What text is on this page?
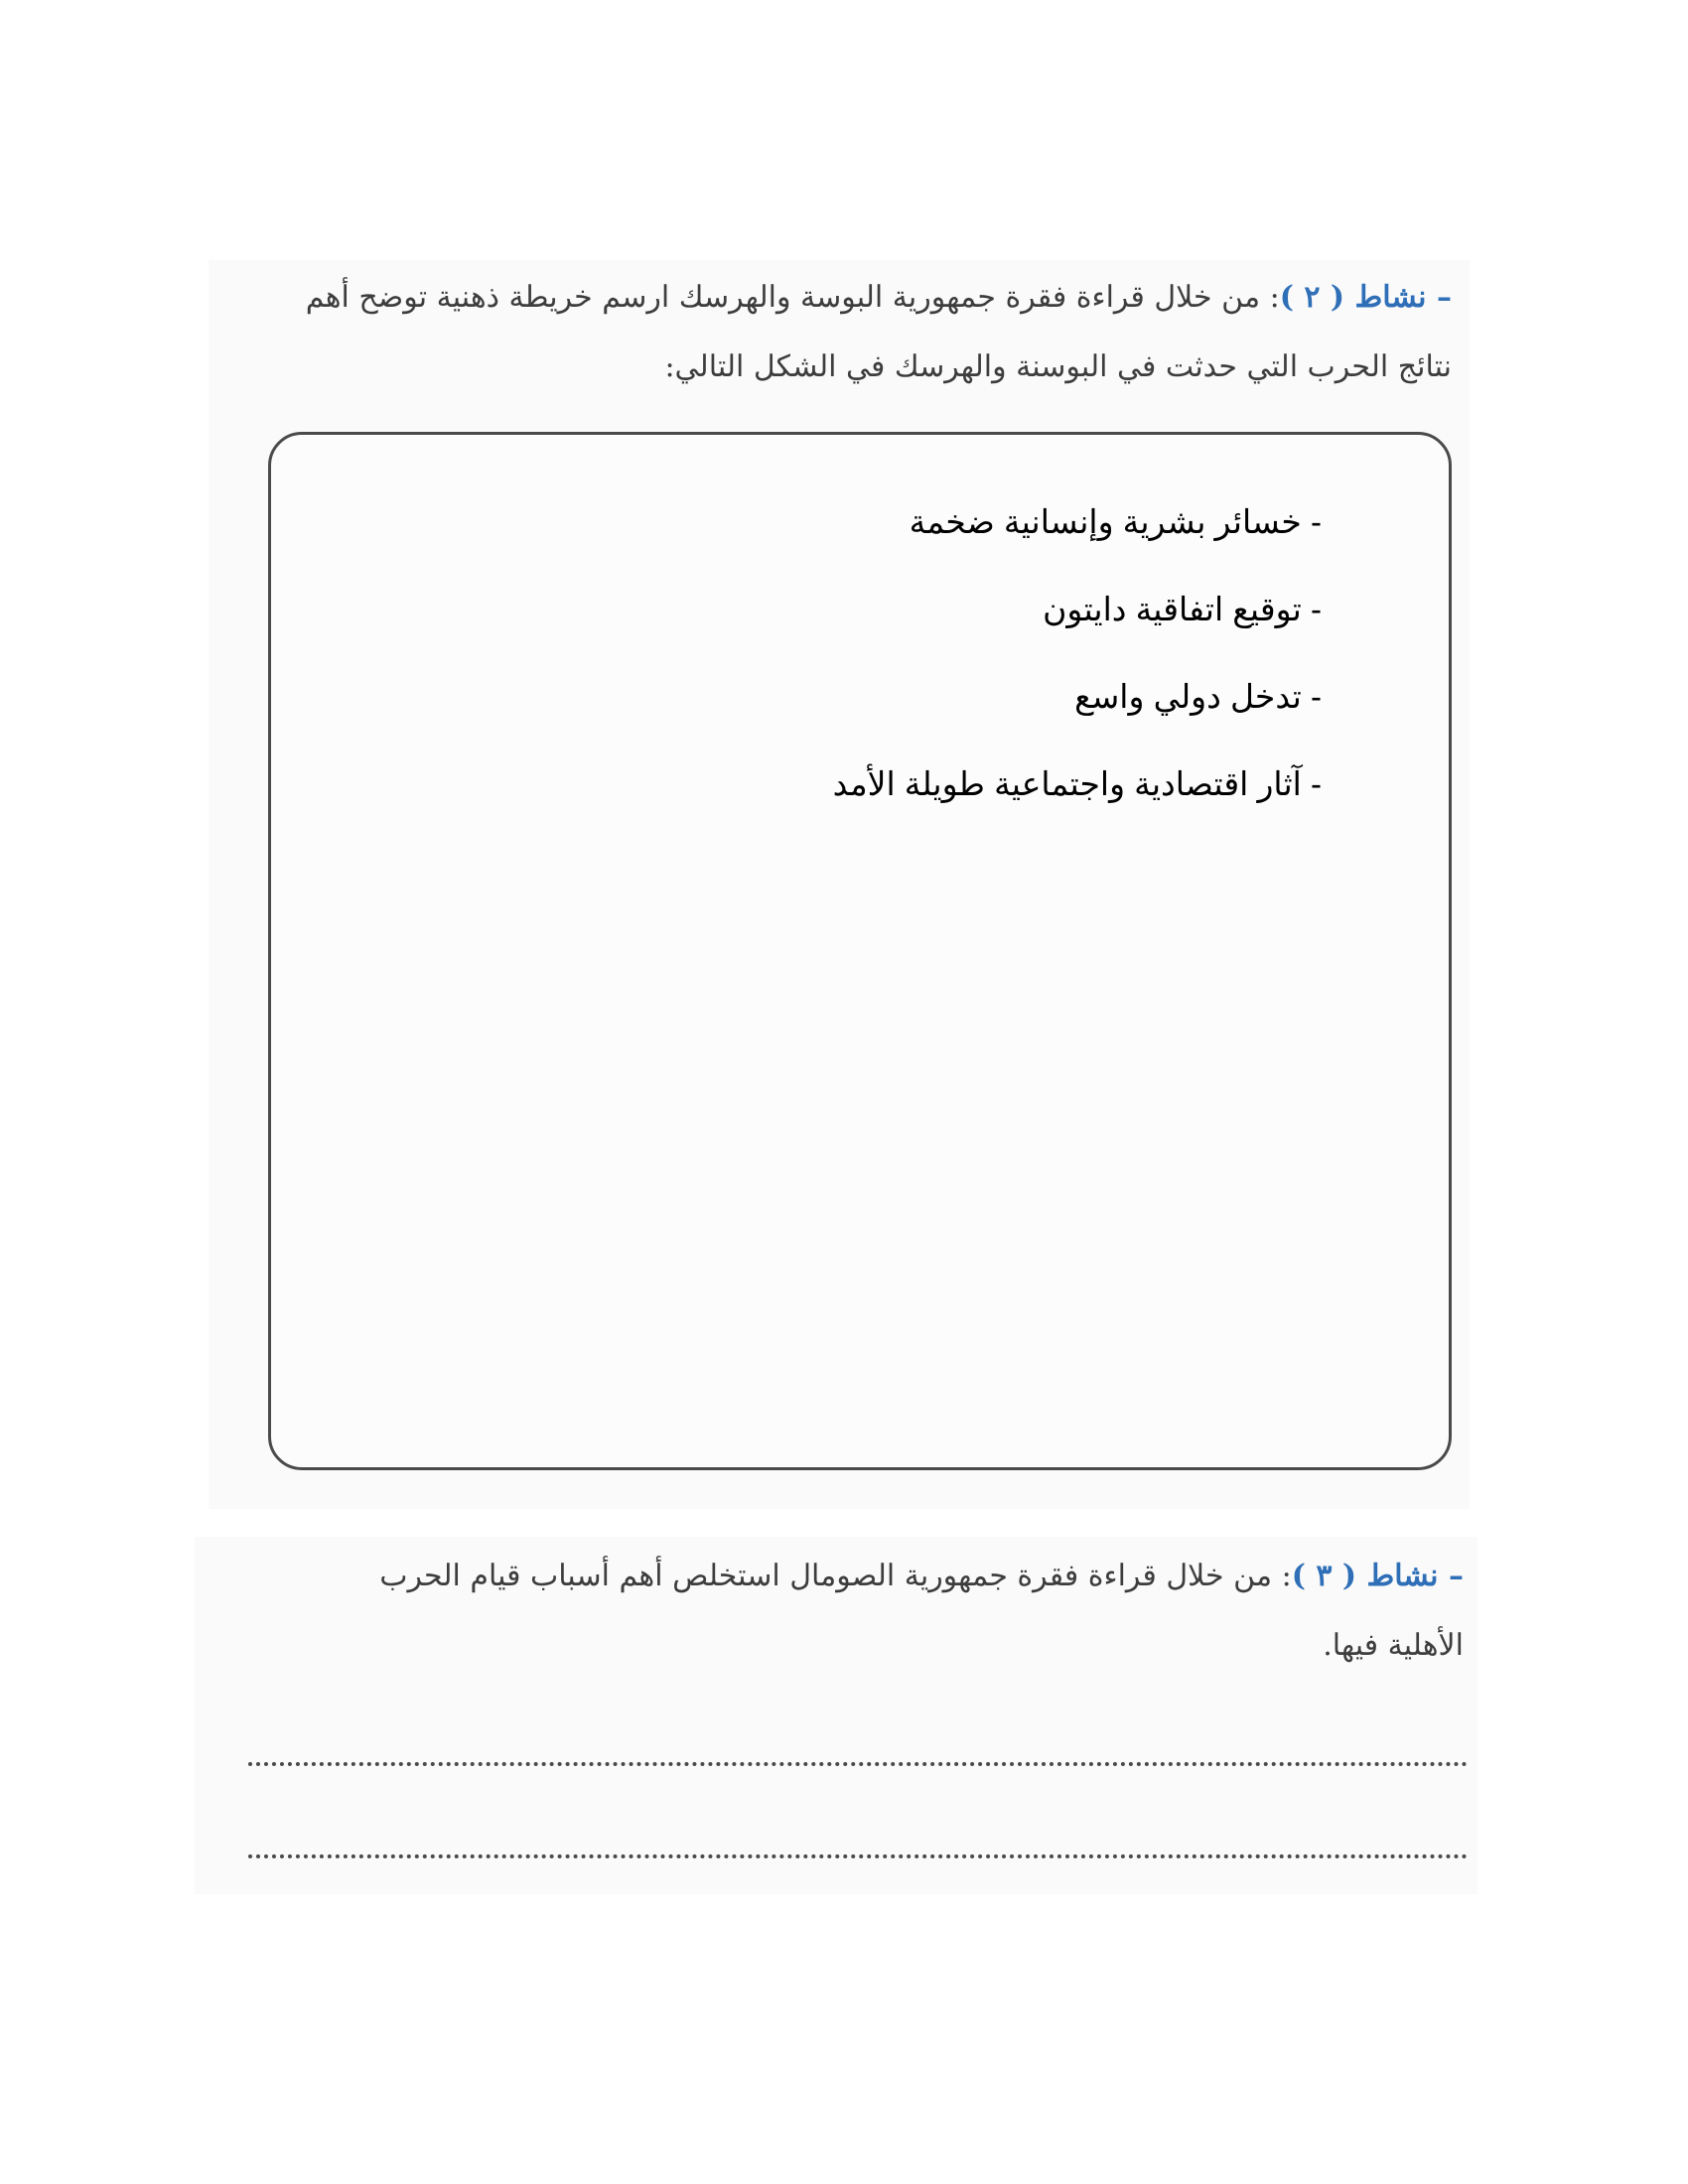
– نشاط ( ٢ ): من خلال قراءة فقرة جمهورية البوسة والهرسك ارسم خريطة ذهنية توضح أهم

نتائج الحرب التي حدثت في البوسنة والهرسك في الشكل التالي:

- خسائر بشرية وإنسانية ضخمة
- توقيع اتفاقية دايتون
- تدخل دولي واسع
- آثار اقتصادية واجتماعية طويلة الأمد

– نشاط ( ٣ ): من خلال قراءة فقرة جمهورية الصومال استخلص أهم أسباب قيام الحرب

الأهلية فيها.
